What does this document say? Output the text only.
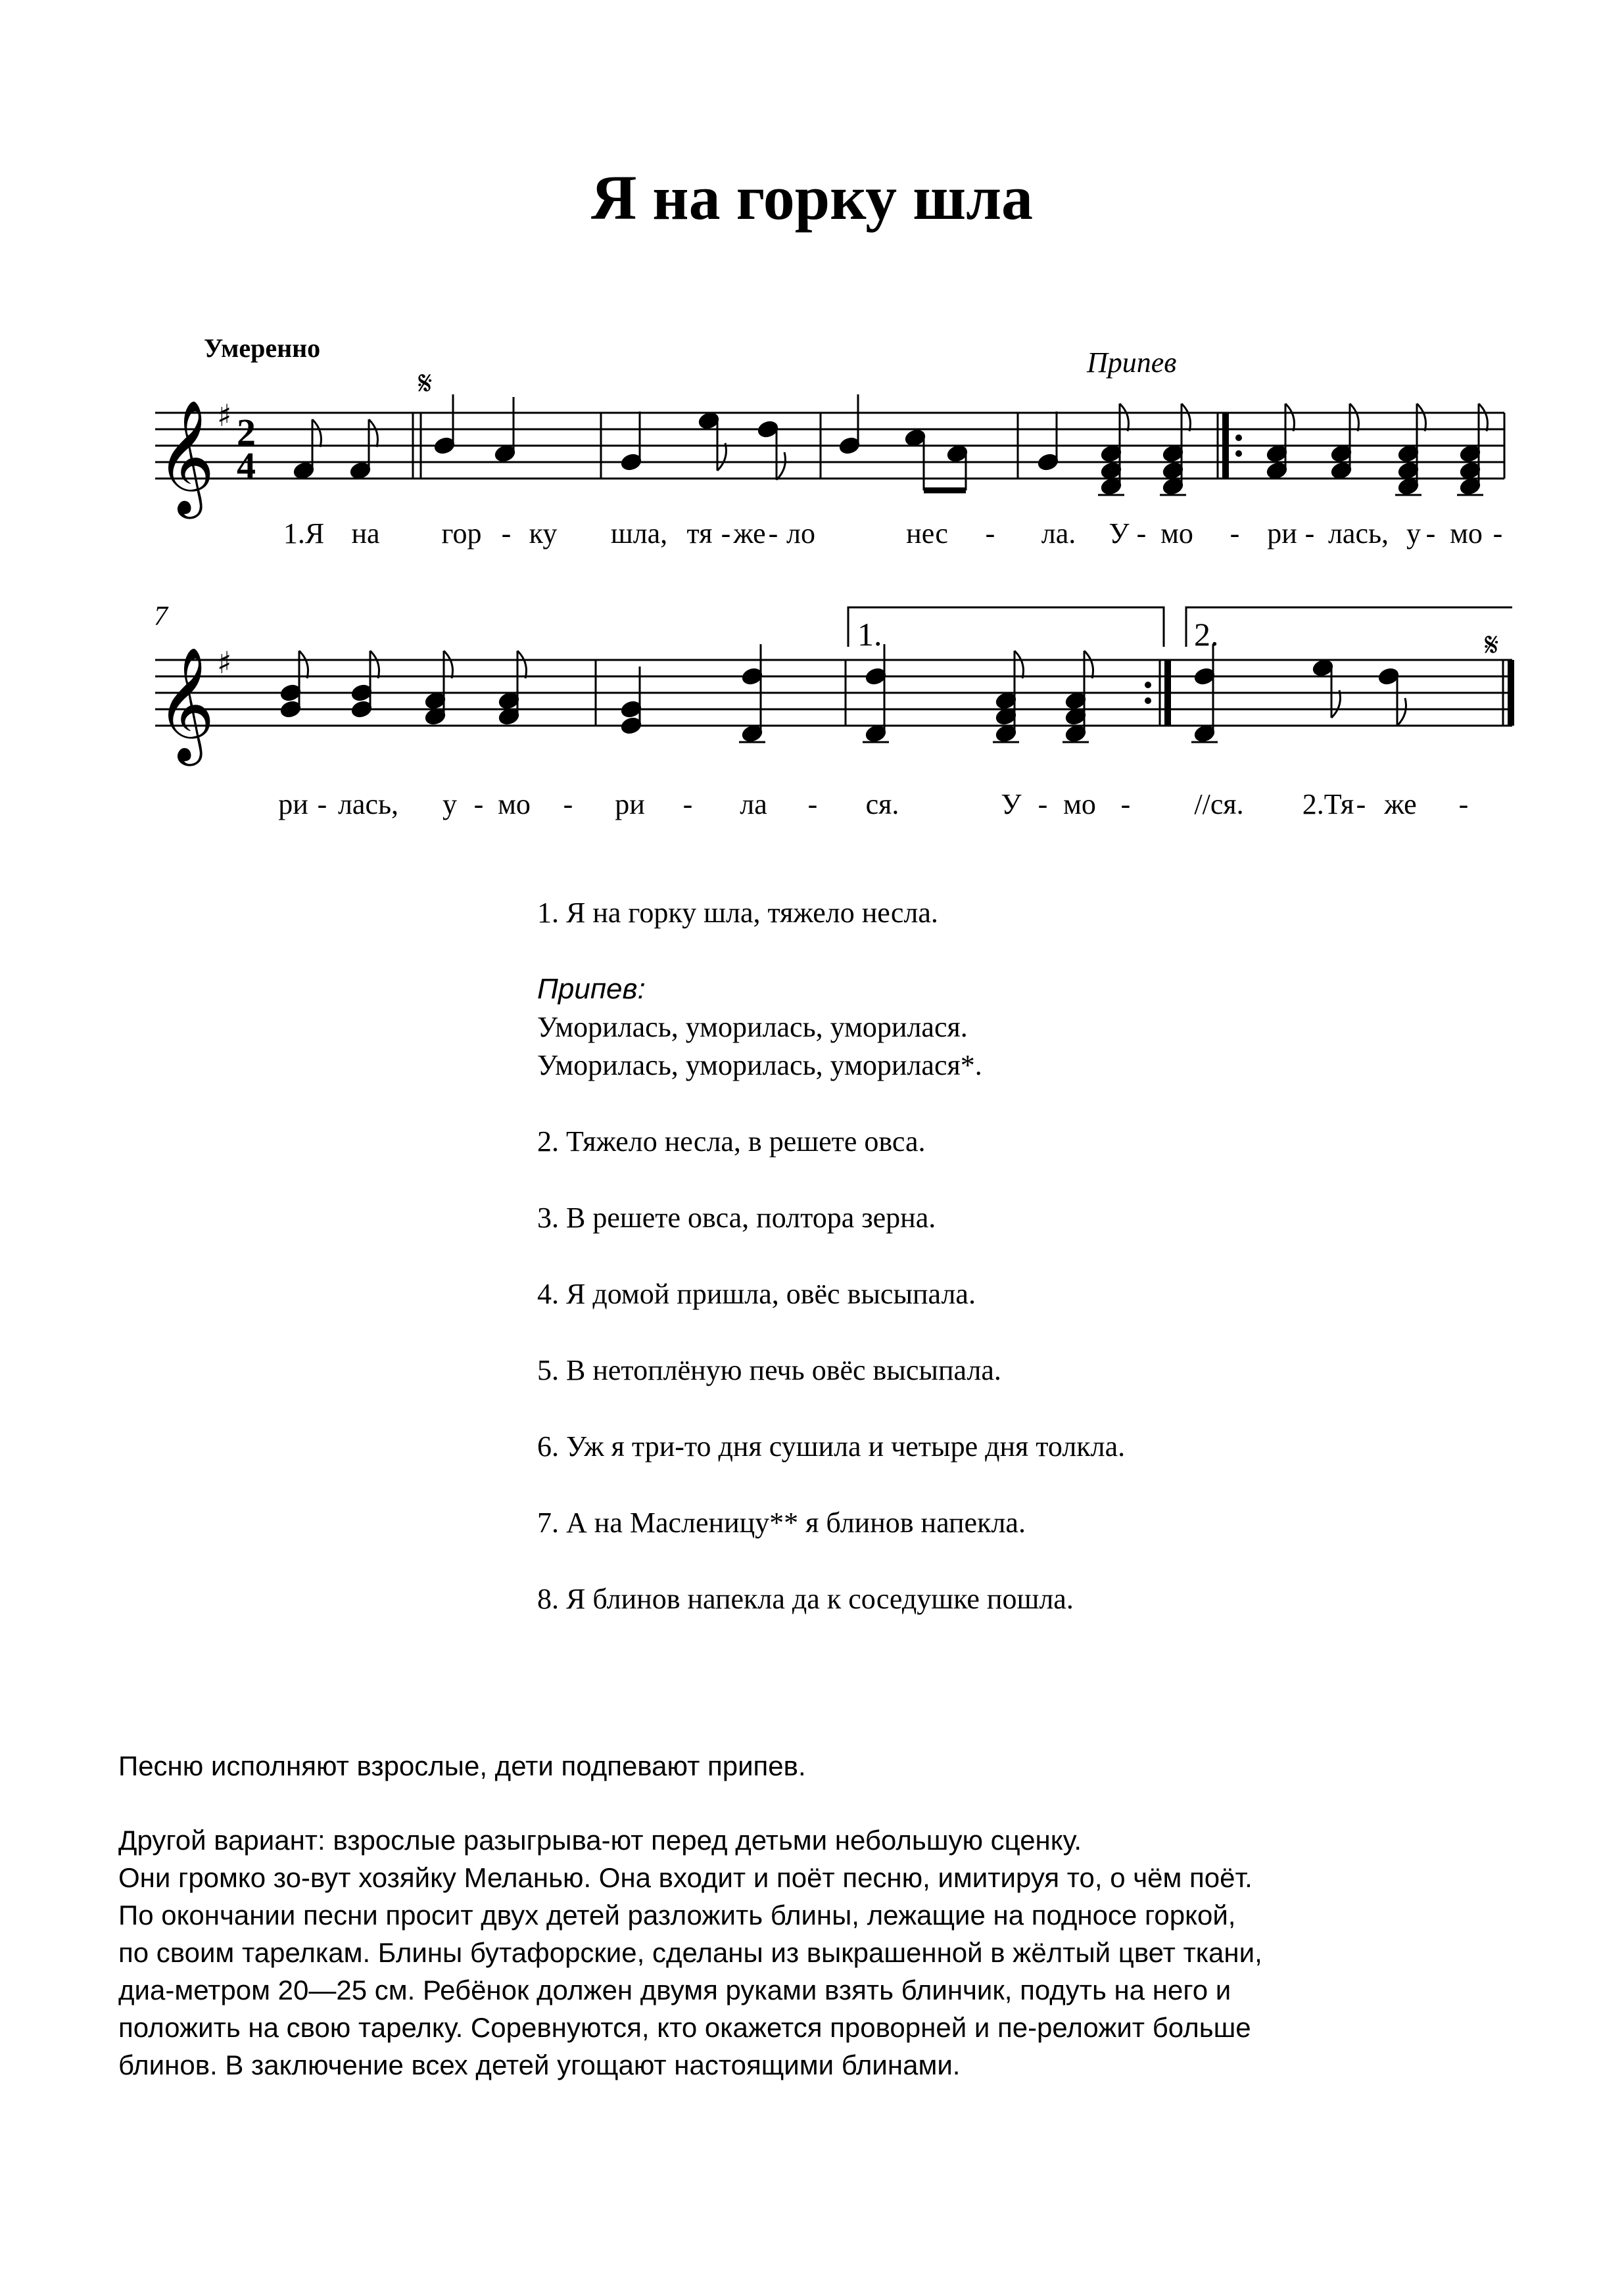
Я на горку шла
Умеренно	Припев
7
𝄞 ♯ 2
4
𝄋
𝄞 ♯
1.	2.	𝄋
1.Я на гор - ку шла, тя - же - ло	нес - ла. У - мо - ри - лась, у - мо -
ри - лась, у - мо - ри - ла - ся.	У - мо - //ся. 2.Тя - же -

1. Я на горку шла, тяжело несла.

Припев:

Уморилась, уморилась, уморилася.

Уморилась, уморилась, уморилася*.

2. Тяжело несла, в решете овса.

3. В решете овса, полтора зерна.

4. Я домой пришла, овёс высыпала.

5. В нетоплёную печь овёс высыпала.

6. Уж я три-то дня сушила и четыре дня толкла.

7. А на Масленицу** я блинов напекла.

8. Я блинов напекла да к соседушке пошла.

Песню исполняют взрослые, дети подпевают припев.

Другой вариант: взрослые разыгрыва-ют перед детьми небольшую сценку.
Они громко зо-вут хозяйку Меланью. Она входит и поёт песню, имитируя то, о чём поёт.
По окончании песни просит двух детей разложить блины, лежащие на подносе горкой,
по своим тарелкам. Блины бутафорские, сделаны из выкрашенной в жёлтый цвет ткани,
диа-метром 20—25 см. Ребёнок должен двумя руками взять блинчик, подуть на него и
положить на свою тарелку. Соревнуются, кто окажется проворней и пе-реложит больше
блинов. В заключение всех детей угощают настоящими блинами.
